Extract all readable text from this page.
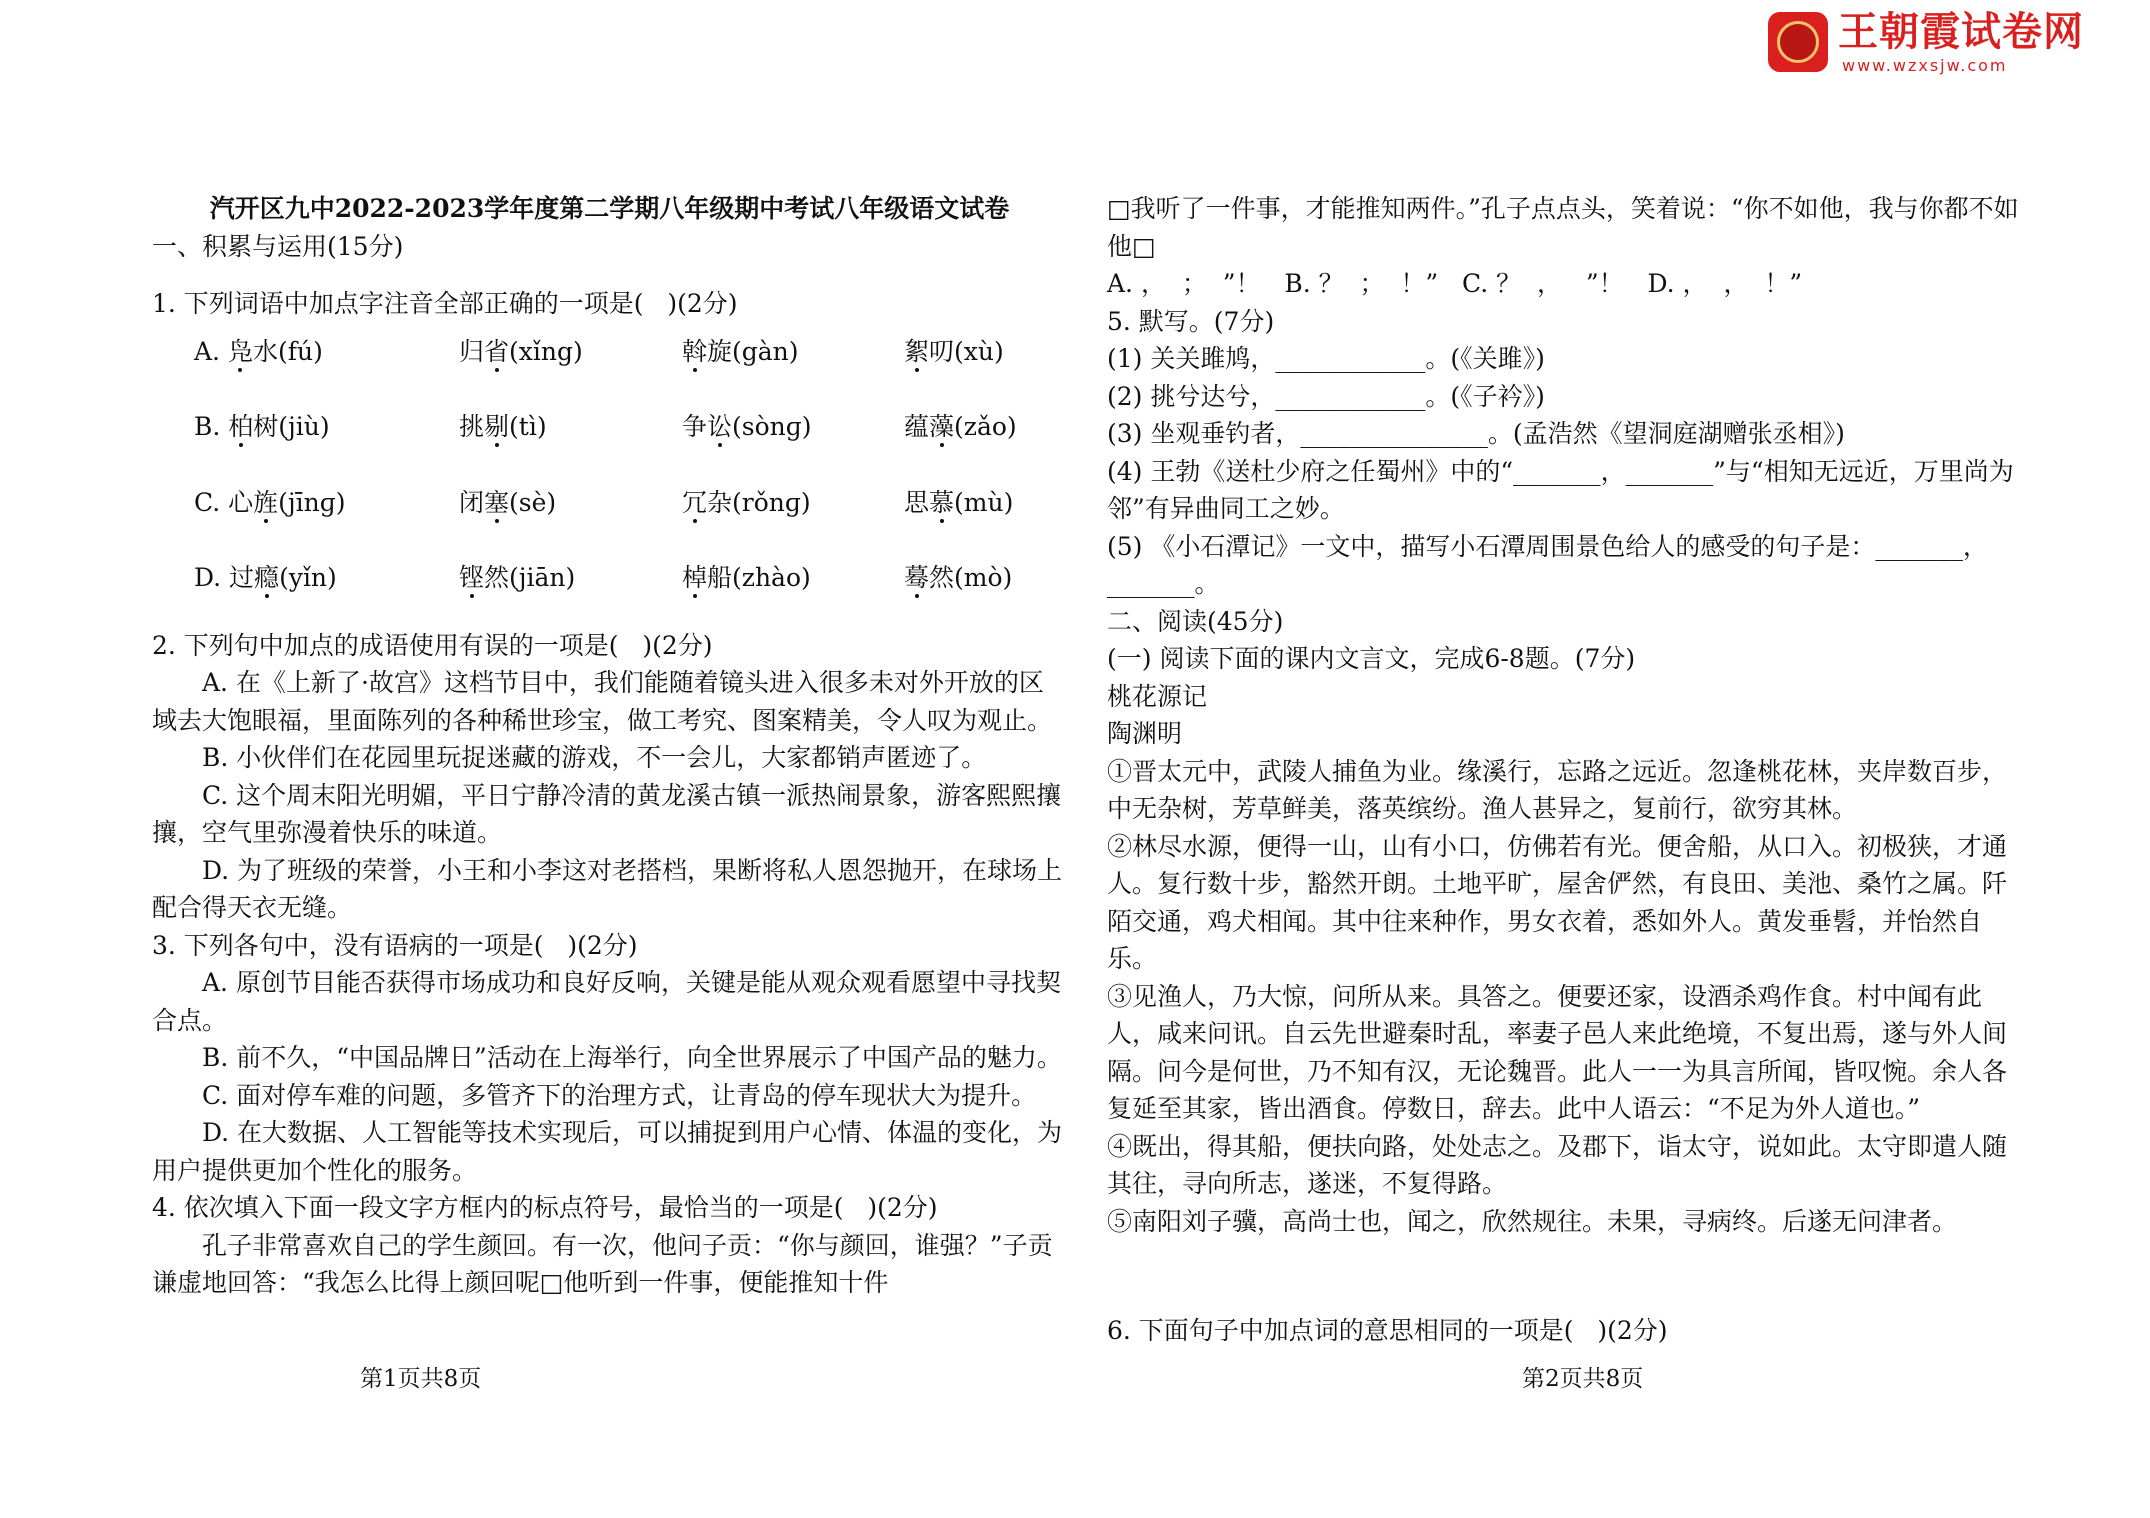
王朝霞试卷网
www.wzxsjw.com
汽开区九中2022-2023学年度第二学期八年级期中考试八年级语文试卷
一、积累与运用(15分)
1. 下列词语中加点字注音全部正确的一项是(   )(2分)
A. 凫水(fú)	归省(xǐng)	斡旋(gàn)	絮叨(xù)
B. 柏树(jiù)	挑剔(tì)	争讼(sònɡ)	蕴藻(zǎo)
C. 心旌(jīnɡ)	闭塞(sè)	冗杂(rǒnɡ)	思慕(mù)
D. 过瘾(yǐn)	铿然(jiān)	棹船(zhào)	蓦然(mò)
2. 下列句中加点的成语使用有误的一项是(   )(2分)
A. 在《上新了·故宫》这档节目中，我们能随着镜头进入很多未对外开放的区域去大饱眼福，里面陈列的各种稀世珍宝，做工考究、图案精美，令人叹为观止。
B. 小伙伴们在花园里玩捉迷藏的游戏，不一会儿，大家都销声匿迹了。
C. 这个周末阳光明媚，平日宁静冷清的黄龙溪古镇一派热闹景象，游客熙熙攘攘，空气里弥漫着快乐的味道。
D. 为了班级的荣誉，小王和小李这对老搭档，果断将私人恩怨抛开，在球场上配合得天衣无缝。
3. 下列各句中，没有语病的一项是(   )(2分)
A. 原创节目能否获得市场成功和良好反响，关键是能从观众观看愿望中寻找契合点。
B. 前不久，“中国品牌日”活动在上海举行，向全世界展示了中国产品的魅力。
C. 面对停车难的问题，多管齐下的治理方式，让青岛的停车现状大为提升。
D. 在大数据、人工智能等技术实现后，可以捕捉到用户心情、体温的变化，为用户提供更加个性化的服务。
4. 依次填入下面一段文字方框内的标点符号，最恰当的一项是(   )(2分)
孔子非常喜欢自己的学生颜回。有一次，他问子贡：“你与颜回，谁强？”子贡谦虚地回答：“我怎么比得上颜回呢□他听到一件事，便能推知十件
第1页共8页
□我听了一件事，才能推知两件。”孔子点点头，笑着说：“你不如他，我与你都不如他□
A. ，  ；  ”！   B. ？  ；  ！”   C. ？  ，   ”！   D. ，  ，  ！”
5. 默写。(7分)
(1) 关关雎鸠，____________。(《关雎》)
(2) 挑兮达兮，____________。(《子衿》)
(3) 坐观垂钓者，_______________。(孟浩然《望洞庭湖赠张丞相》)
(4) 王勃《送杜少府之任蜀州》中的“_______，_______”与“相知无远近，万里尚为邻”有异曲同工之妙。
(5) 《小石潭记》一文中，描写小石潭周围景色给人的感受的句子是：_______，_______。
二、阅读(45分)
(一) 阅读下面的课内文言文，完成6-8题。(7分)
桃花源记
陶渊明
①晋太元中，武陵人捕鱼为业。缘溪行，忘路之远近。忽逢桃花林，夹岸数百步，中无杂树，芳草鲜美，落英缤纷。渔人甚异之，复前行，欲穷其林。
②林尽水源，便得一山，山有小口，仿佛若有光。便舍船，从口入。初极狭，才通人。复行数十步，豁然开朗。土地平旷，屋舍俨然，有良田、美池、桑竹之属。阡陌交通，鸡犬相闻。其中往来种作，男女衣着，悉如外人。黄发垂髫，并怡然自乐。
③见渔人，乃大惊，问所从来。具答之。便要还家，设酒杀鸡作食。村中闻有此人，咸来问讯。自云先世避秦时乱，率妻子邑人来此绝境，不复出焉，遂与外人间隔。问今是何世，乃不知有汉，无论魏晋。此人一一为具言所闻，皆叹惋。余人各复延至其家，皆出酒食。停数日，辞去。此中人语云：“不足为外人道也。”
④既出，得其船，便扶向路，处处志之。及郡下，诣太守，说如此。太守即遣人随其往，寻向所志，遂迷，不复得路。
⑤南阳刘子骥，高尚士也，闻之，欣然规往。未果，寻病终。后遂无问津者。
6. 下面句子中加点词的意思相同的一项是(   )(2分)
第2页共8页
